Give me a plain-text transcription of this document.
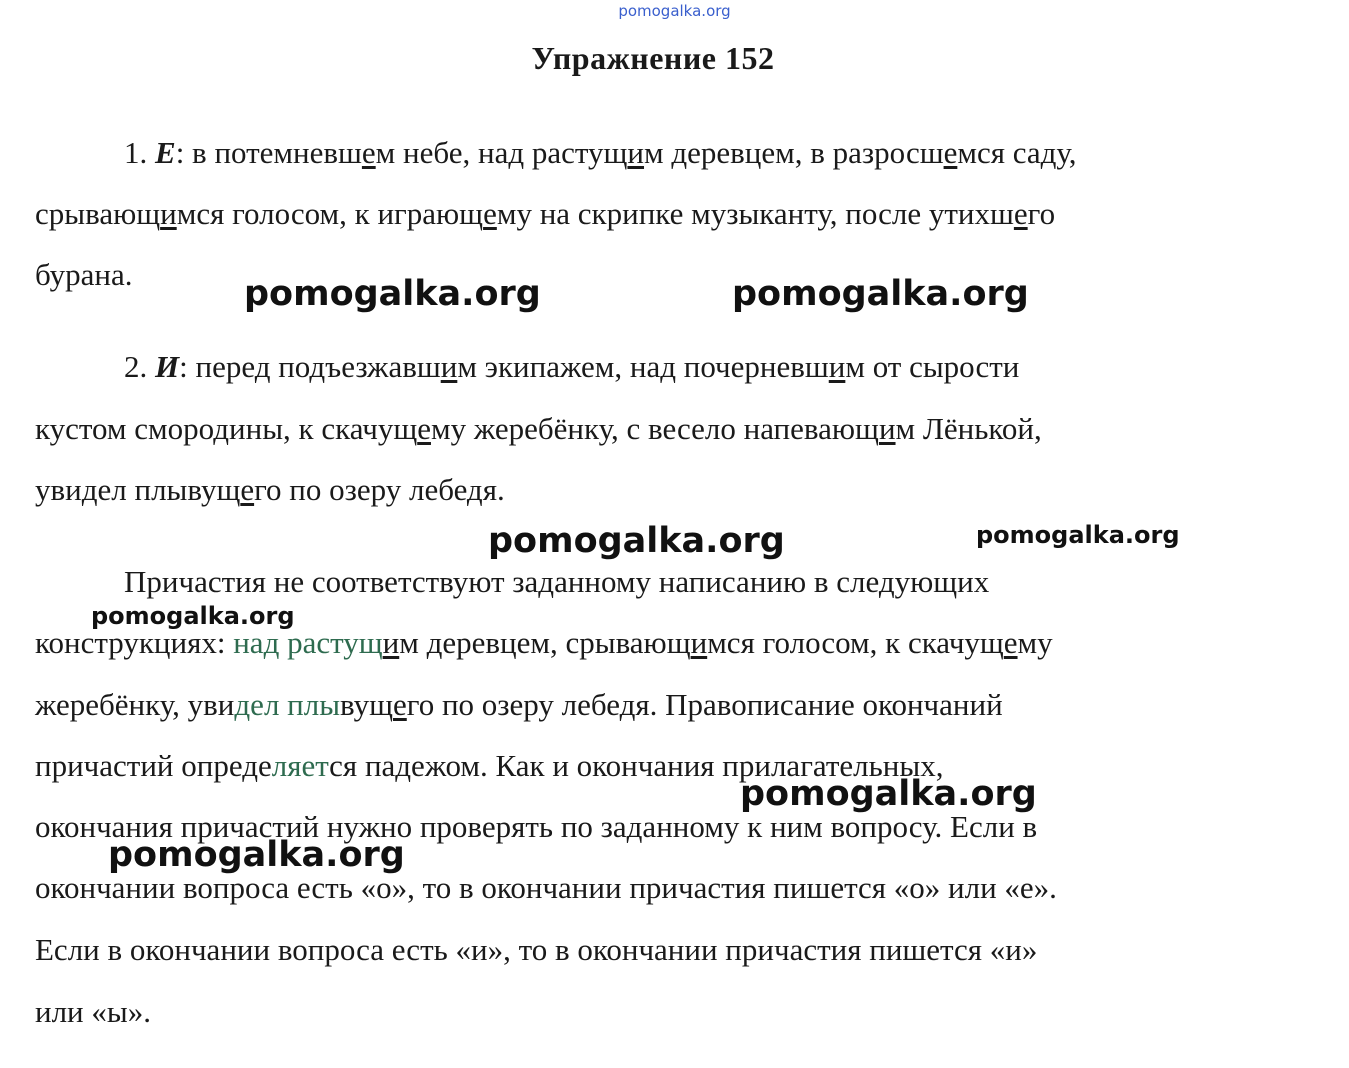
pomogalka.org
Упражнение 152
1. Е: в потемневшем небе, над растущим деревцем, в разросшемся саду,
срывающимся голосом, к играющему на скрипке музыканту, после утихшего
бурана.
2. И: перед подъезжавшим экипажем, над почерневшим от сырости
кустом смородины, к скачущему жеребёнку, с весело напевающим Лёнькой,
увидел плывущего по озеру лебедя.
Причастия не соответствуют заданному написанию в следующих
конструкциях: над растущим деревцем, срывающимся голосом, к скачущему
жеребёнку, увидел плывущего по озеру лебедя. Правописание окончаний
причастий определяется падежом. Как и окончания прилагательных,
окончания причастий нужно проверять по заданному к ним вопросу. Если в
окончании вопроса есть «о», то в окончании причастия пишется «о» или «е».
Если в окончании вопроса есть «и», то в окончании причастия пишется «и»
или «ы».
pomogalka.org	pomogalka.org
pomogalka.org	pomogalka.org
pomogalka.org
pomogalka.org
pomogalka.org
